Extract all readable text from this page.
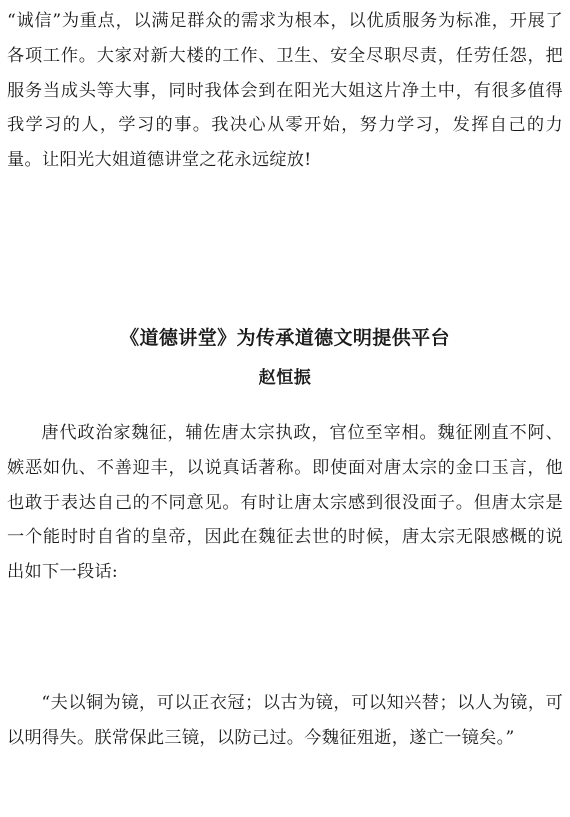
“诚信”为重点，以满足群众的需求为根本，以优质服务为标准，开展了各项工作。大家对新大楼的工作、卫生、安全尽职尽责，任劳任怨，把服务当成头等大事，同时我体会到在阳光大姐这片净土中，有很多值得我学习的人，学习的事。我决心从零开始，努力学习，发挥自己的力量。让阳光大姐道德讲堂之花永远绽放!

《道德讲堂》为传承道德文明提供平台
赵恒振

唐代政治家魏征，辅佐唐太宗执政，官位至宰相。魏征刚直不阿、嫉恶如仇、不善迎丰，以说真话著称。即使面对唐太宗的金口玉言，他也敢于表达自己的不同意见。有时让唐太宗感到很没面子。但唐太宗是一个能时时自省的皇帝，因此在魏征去世的时候，唐太宗无限感概的说出如下一段话:

“夫以铜为镜，可以正衣冠；以古为镜，可以知兴替；以人为镜，可以明得失。朕常保此三镜，以防己过。今魏征殂逝，遂亡一镜矣。”
